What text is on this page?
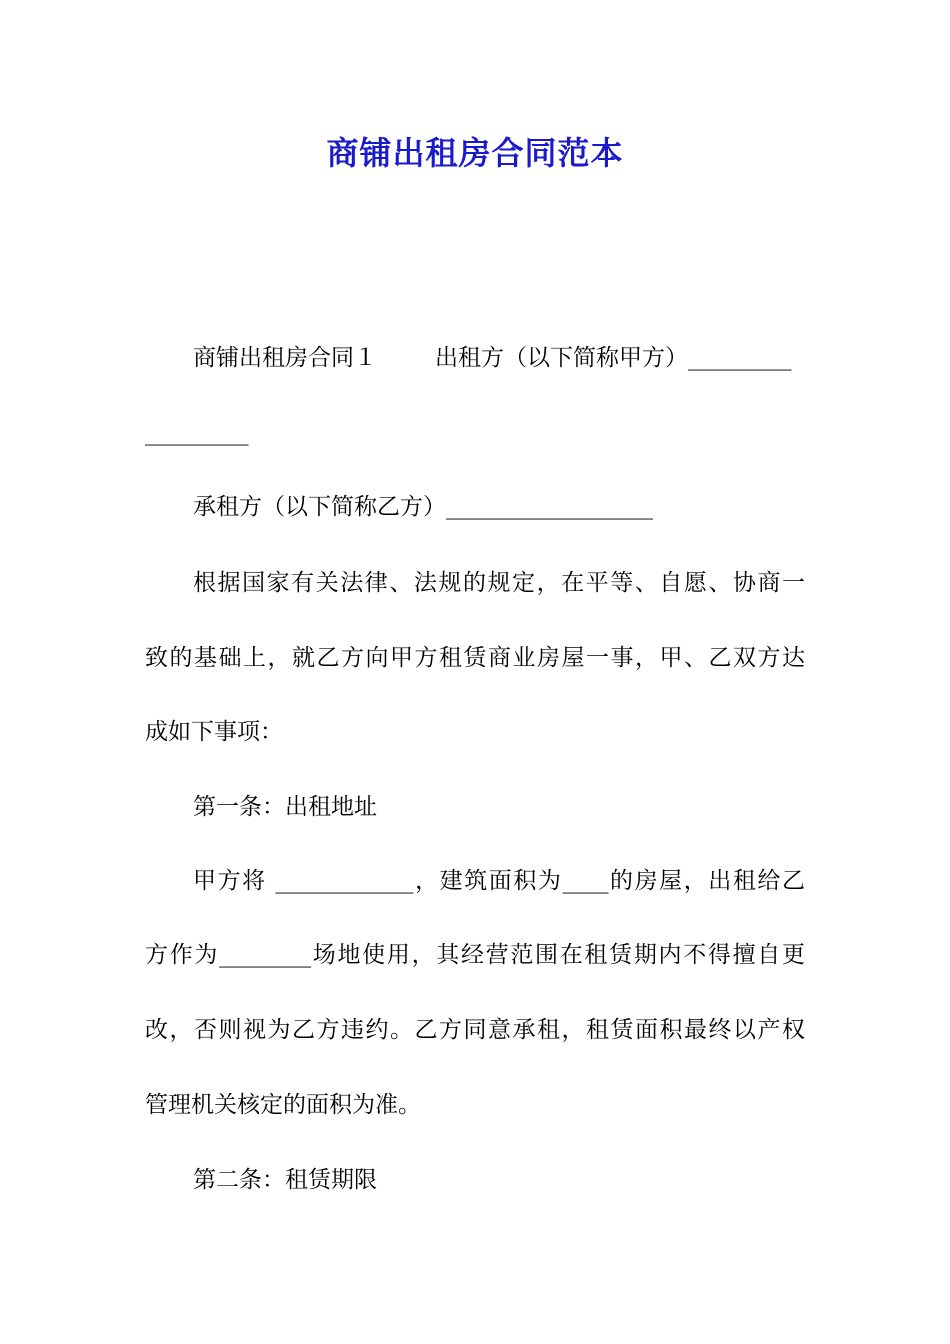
商铺出租房合同范本
商铺出租房合同１	出租方（以下简称甲方）_________
_________
承租方（以下简称乙方）__________________
根据国家有关法律、法规的规定，在平等、自愿、协商一
致的基础上，就乙方向甲方租赁商业房屋一事，甲、乙双方达
成如下事项：
第一条：出租地址
甲方将 ____________，建筑面积为____的房屋，出租给乙
方作为________场地使用，其经营范围在租赁期内不得擅自更
改，否则视为乙方违约。乙方同意承租，租赁面积最终以产权
管理机关核定的面积为准。
第二条：租赁期限
